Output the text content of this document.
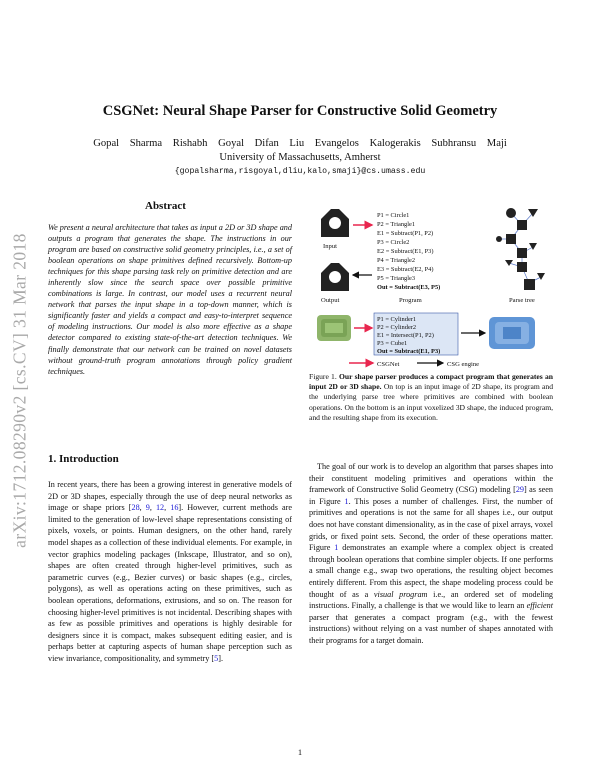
arXiv:1712.08290v2 [cs.CV] 31 Mar 2018
CSGNet: Neural Shape Parser for Constructive Solid Geometry
Gopal Sharma Rishabh Goyal Difan Liu Evangelos Kalogerakis Subhransu Maji
University of Massachusetts, Amherst
{gopalsharma,risgoyal,dliu,kalo,smaji}@cs.umass.edu
Abstract
We present a neural architecture that takes as input a 2D or 3D shape and outputs a program that generates the shape. The instructions in our program are based on constructive solid geometry principles, i.e., a set of boolean operations on shape primitives defined recursively. Bottom-up techniques for this shape parsing task rely on primitive detection and are inherently slow since the search space over possible primitive combinations is large. In contrast, our model uses a recurrent neural network that parses the input shape in a top-down manner, which is significantly faster and yields a compact and easy-to-interpret sequence of modeling instructions. Our model is also more effective as a shape detector compared to existing state-of-the-art detection techniques. We finally demonstrate that our network can be trained on novel datasets without ground-truth program annotations through policy gradient techniques.
1. Introduction
In recent years, there has been a growing interest in generative models of 2D or 3D shapes, especially through the use of deep neural networks as image or shape priors [28, 9, 12, 16]. However, current methods are limited to the generation of low-level shape representations consisting of pixels, voxels, or points. Human designers, on the other hand, rarely model shapes as a collection of these individual elements. For example, in vector graphics modeling packages (Inkscape, Illustrator, and so on), shapes are often created through higher-level primitives, such as parametric curves (e.g., Bezier curves) or basic shapes (e.g., circles, polygons), as well as operations acting on these primitives, such as boolean operations, deformations, extrusions, and so on. The reason for choosing higher-level primitives is not incidental. Describing shapes with as few as possible primitives and operations is highly desirable for designers since it is compact, makes subsequent editing easier, and is perhaps better at capturing aspects of human shape perception such as view invariance, compositionality, and symmetry [5].
The goal of our work is to develop an algorithm that parses shapes into their constituent modeling primitives and operations within the framework of Constructive Solid Geometry (CSG) modeling [29] as seen in Figure 1. This poses a number of challenges. First, the number of primitives and operations is not the same for all shapes i.e., our output does not have constant dimensionality, as in the case of pixel arrays, voxel grids, or fixed point sets. Second, the order of these operations matter. Figure 1 demonstrates an example where a complex object is created through boolean operations that combine simpler objects. If one performs a small change e.g., swap two operations, the resulting object becomes entirely different. From this aspect, the shape modeling process could be thought of as a visual program i.e., an ordered set of modeling instructions. Finally, a challenge is that we would like to learn an efficient parser that generates a compact program (e.g., with the fewest instructions) without relying on a vast number of shapes annotated with their programs for a target domain.
Input
Output
P1 = Circle1
P2 = Triangle1
E1 = Subtract(P1, P2)
P3 = Circle2
E2 = Subtract(E1, P3)
P4 = Triangle2
E3 = Subtract(E2, P4)
P5 = Triangle3
Out = Subtract(E3, P5)
Program	Parse tree
P1 = Cylinder1
P2 = Cylinder2
E1 = Intersect(P1, P2)
P3 = Cube1
Out = Subtract(E1, P3)
CSGNet	CSG engine
Figure 1. Our shape parser produces a compact program that generates an input 2D or 3D shape. On top is an input image of 2D shape, its program and the underlying parse tree where primitives are combined with boolean operations. On the bottom is an input voxelized 3D shape, the induced program, and the resulting shape from its execution.
1
